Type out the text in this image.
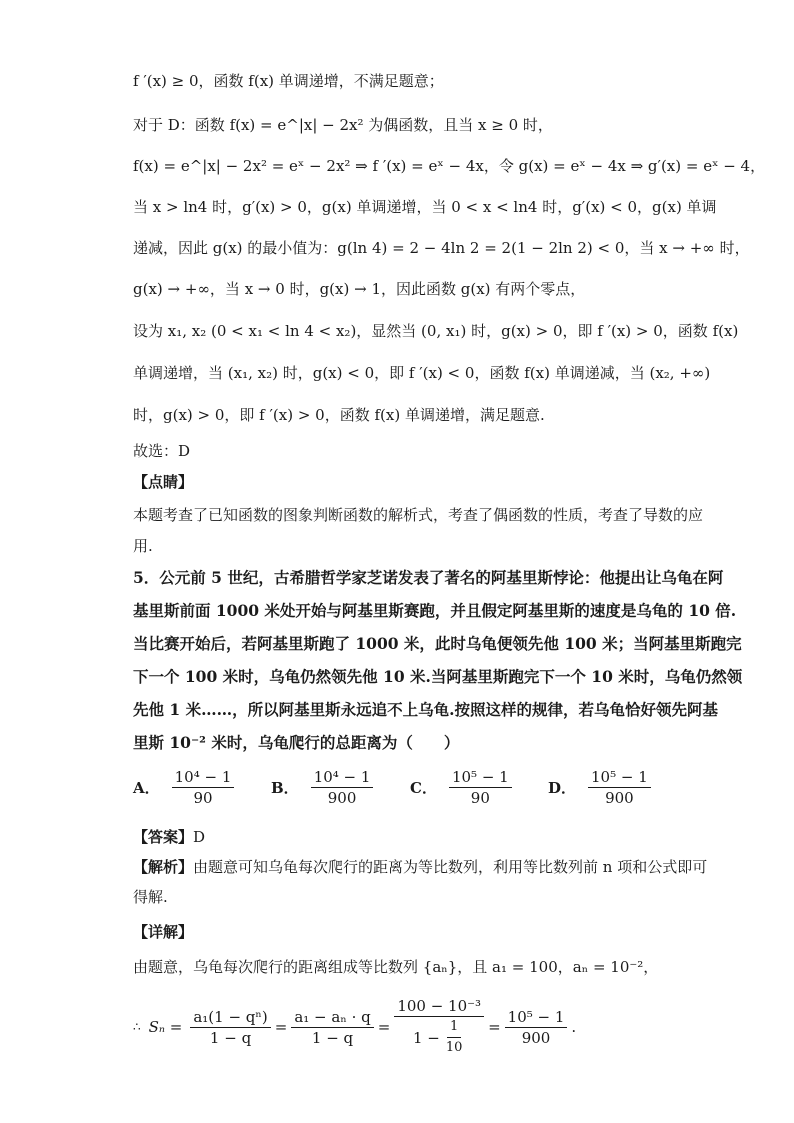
f ′(x) ≥ 0，函数 f(x) 单调递增，不满足题意；
对于 D：函数 f(x) = e^|x| − 2x² 为偶函数，且当 x ≥ 0 时，
f(x) = e^|x| − 2x² = eˣ − 2x² ⇒ f ′(x) = eˣ − 4x，令 g(x) = eˣ − 4x ⇒ g′(x) = eˣ − 4，
当 x > ln4 时，g′(x) > 0，g(x) 单调递增，当 0 < x < ln4 时，g′(x) < 0，g(x) 单调
递减，因此 g(x) 的最小值为：g(ln 4) = 2 − 4ln 2 = 2(1 − 2ln 2) < 0，当 x → +∞ 时，
g(x) → +∞，当 x → 0 时，g(x) → 1，因此函数 g(x) 有两个零点，
设为 x₁, x₂ (0 < x₁ < ln 4 < x₂)，显然当 (0, x₁) 时，g(x) > 0，即 f ′(x) > 0，函数 f(x)
单调递增，当 (x₁, x₂) 时，g(x) < 0，即 f ′(x) < 0，函数 f(x) 单调递减，当 (x₂, +∞)
时，g(x) > 0，即 f ′(x) > 0，函数 f(x) 单调递增，满足题意.
故选：D
【点睛】
本题考查了已知函数的图象判断函数的解析式，考查了偶函数的性质，考查了导数的应
用.
5．公元前 5 世纪，古希腊哲学家芝诺发表了著名的阿基里斯悖论：他提出让乌龟在阿
基里斯前面 1000 米处开始与阿基里斯赛跑，并且假定阿基里斯的速度是乌龟的 10 倍.
当比赛开始后，若阿基里斯跑了 1000 米，此时乌龟便领先他 100 米；当阿基里斯跑完
下一个 100 米时，乌龟仍然领先他 10 米.当阿基里斯跑完下一个 10 米时，乌龟仍然领
先他 1 米……，所以阿基里斯永远追不上乌龟.按照这样的规律，若乌龟恰好领先阿基
里斯 10⁻² 米时，乌龟爬行的总距离为（　　）
A． $\frac{\text{10⁴ − 1}}{90}$ B． $\frac{\text{10⁴ − 1}}{900}$ C． $\frac{\text{10⁵ − 1}}{90}$ D． $\frac{\text{10⁵ − 1}}{900}$
【答案】D
【解析】由题意可知乌龟每次爬行的距离为等比数列，利用等比数列前 n 项和公式即可
得解.
【详解】
由题意，乌龟每次爬行的距离组成等比数列 {aₙ}，且 a₁ = 100，aₙ = 10⁻²，
∴ $S_n = \frac{\text{a₁(1 − qⁿ)}}{1 - q} = \frac{\text{a₁ − aₙ · q}}{1 - q} = \frac{\text{100 − 10⁻³}}{1 - \frac{1}{10}} = \frac{\text{10⁵ − 1}}{900}$ .
